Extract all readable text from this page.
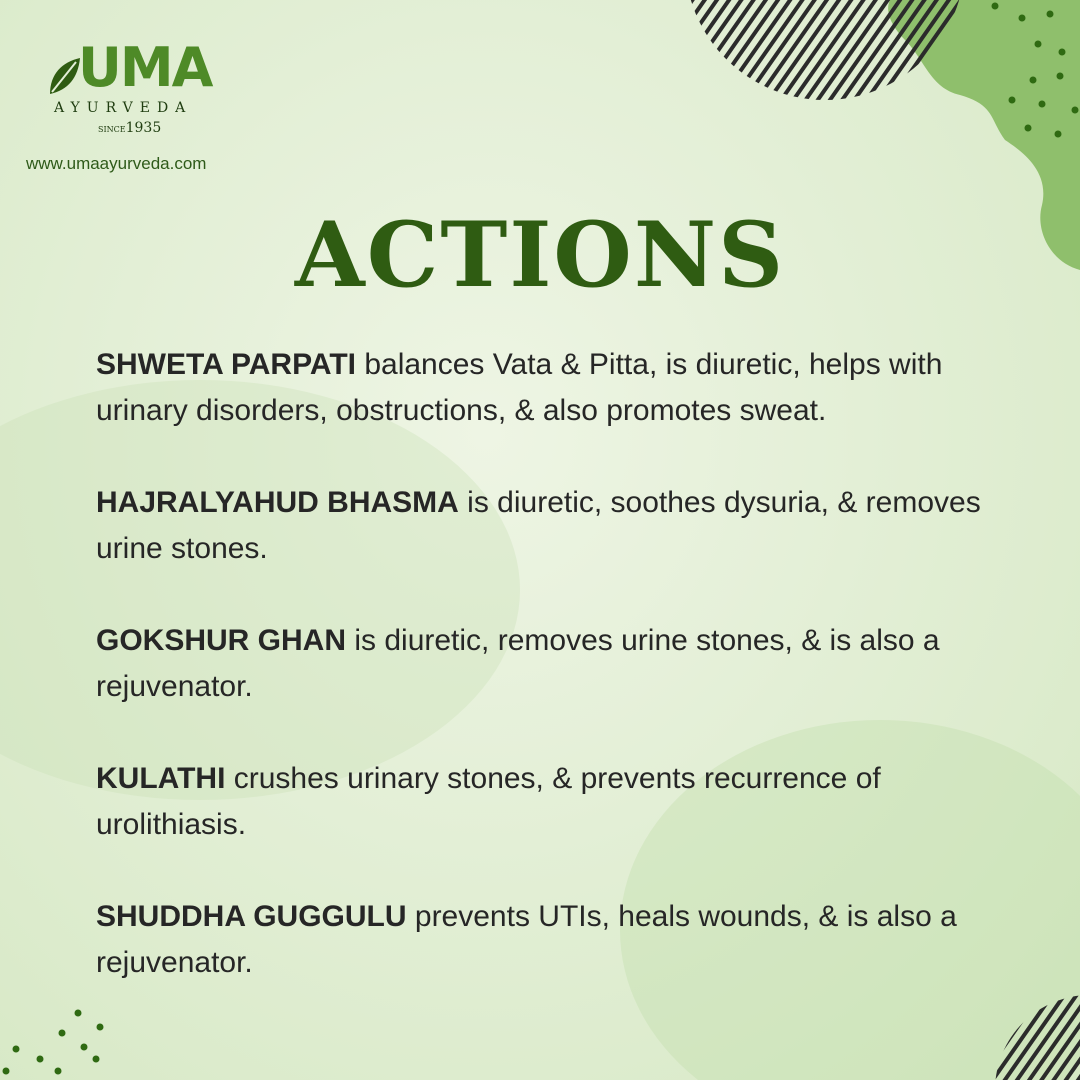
UMA
AYURVEDA
SINCE1935
www.umaayurveda.com
ACTIONS

SHWETA PARPATI balances Vata & Pitta, is diuretic, helps with urinary disorders, obstructions, & also promotes sweat.

HAJRALYAHUD BHASMA is diuretic, soothes dysuria, & removes urine stones.

GOKSHUR GHAN is diuretic, removes urine stones, & is also a rejuvenator.

KULATHI crushes urinary stones, & prevents recurrence of urolithiasis.

SHUDDHA GUGGULU prevents UTIs, heals wounds, & is also a rejuvenator.
